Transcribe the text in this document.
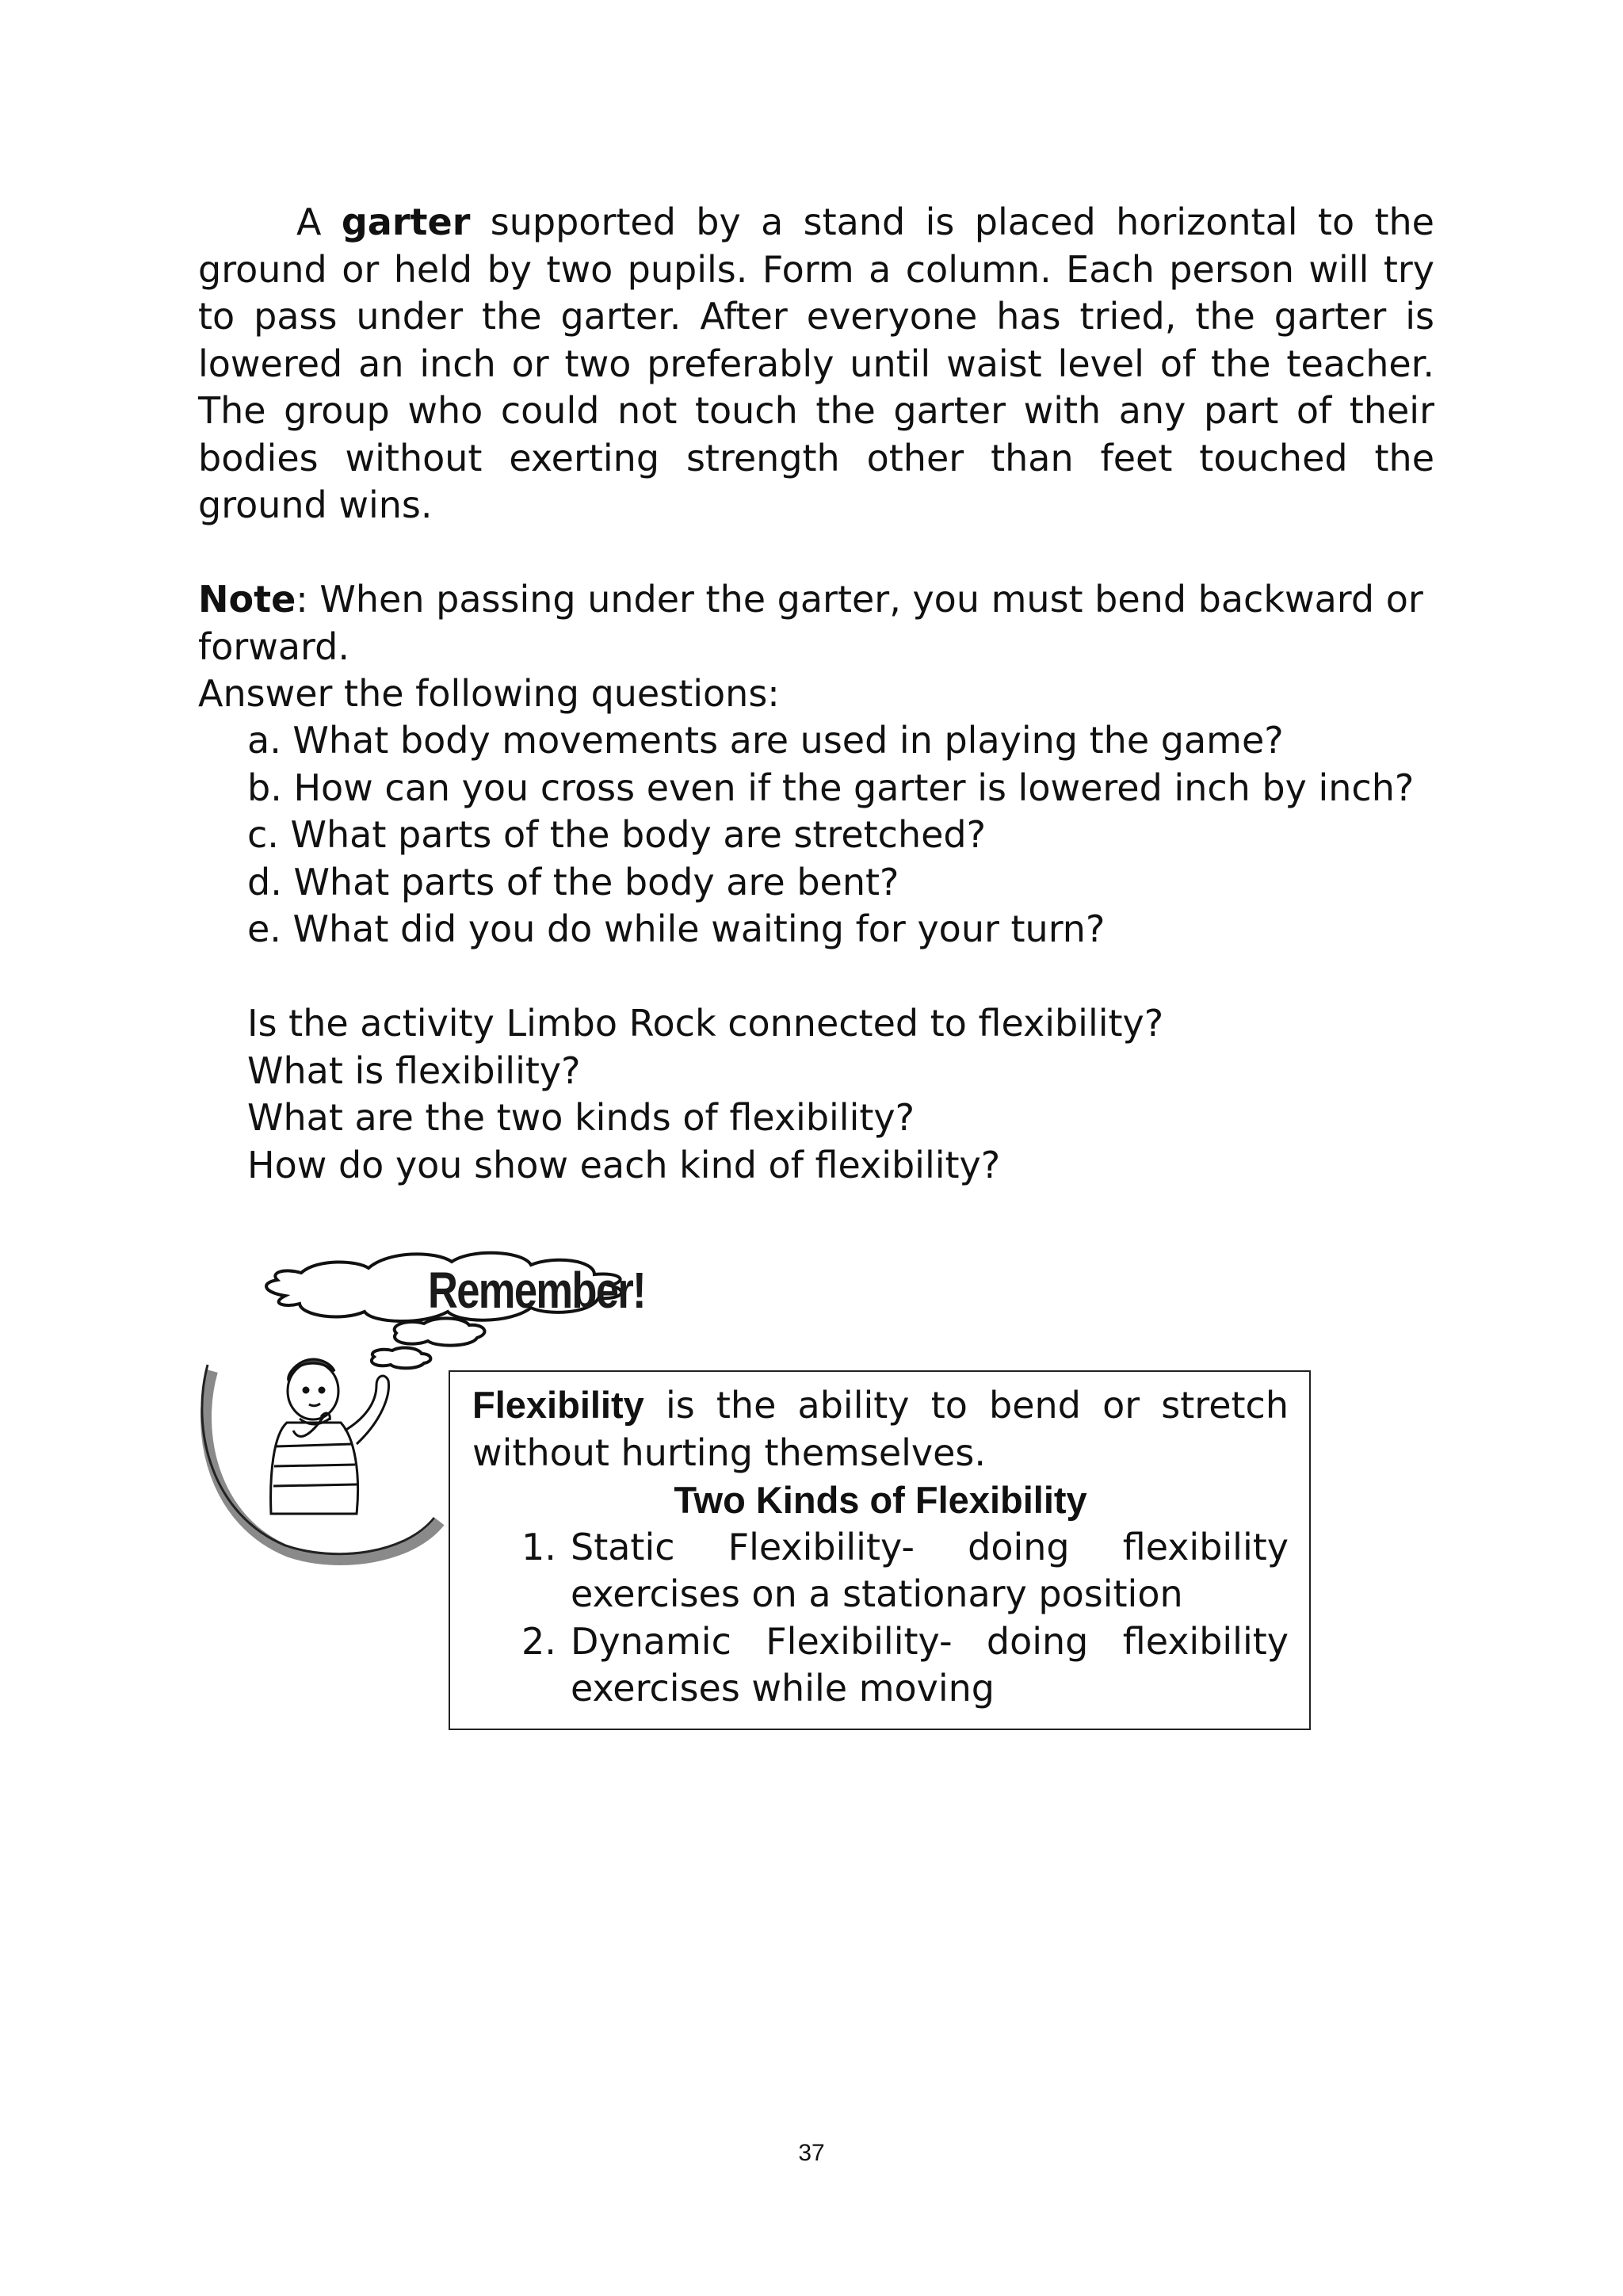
A garter supported by a stand is placed horizontal to the ground or held by two pupils. Form a column. Each person will try to pass under the garter. After everyone has tried, the garter is lowered an inch or two preferably until waist level of the teacher. The group who could not touch the garter with any part of their bodies without exerting strength other than feet touched the ground wins.

Note: When passing under the garter, you must bend backward or forward.

Answer the following questions:

a. What body movements are used in playing the game?
b. How can you cross even if the garter is lowered inch by inch?
c. What parts of the body are stretched?
d. What parts of the body are bent?
e. What did you do while waiting for your turn?
Is the activity Limbo Rock connected to flexibility?
What is flexibility?
What are the two kinds of flexibility?
How do you show each kind of flexibility?
Remember!
Flexibility is the ability to bend or stretch without hurting themselves.
Two Kinds of Flexibility
1. Static Flexibility- doing flexibility
exercises on a stationary position
2. Dynamic Flexibility- doing flexibility
exercises while moving
37
